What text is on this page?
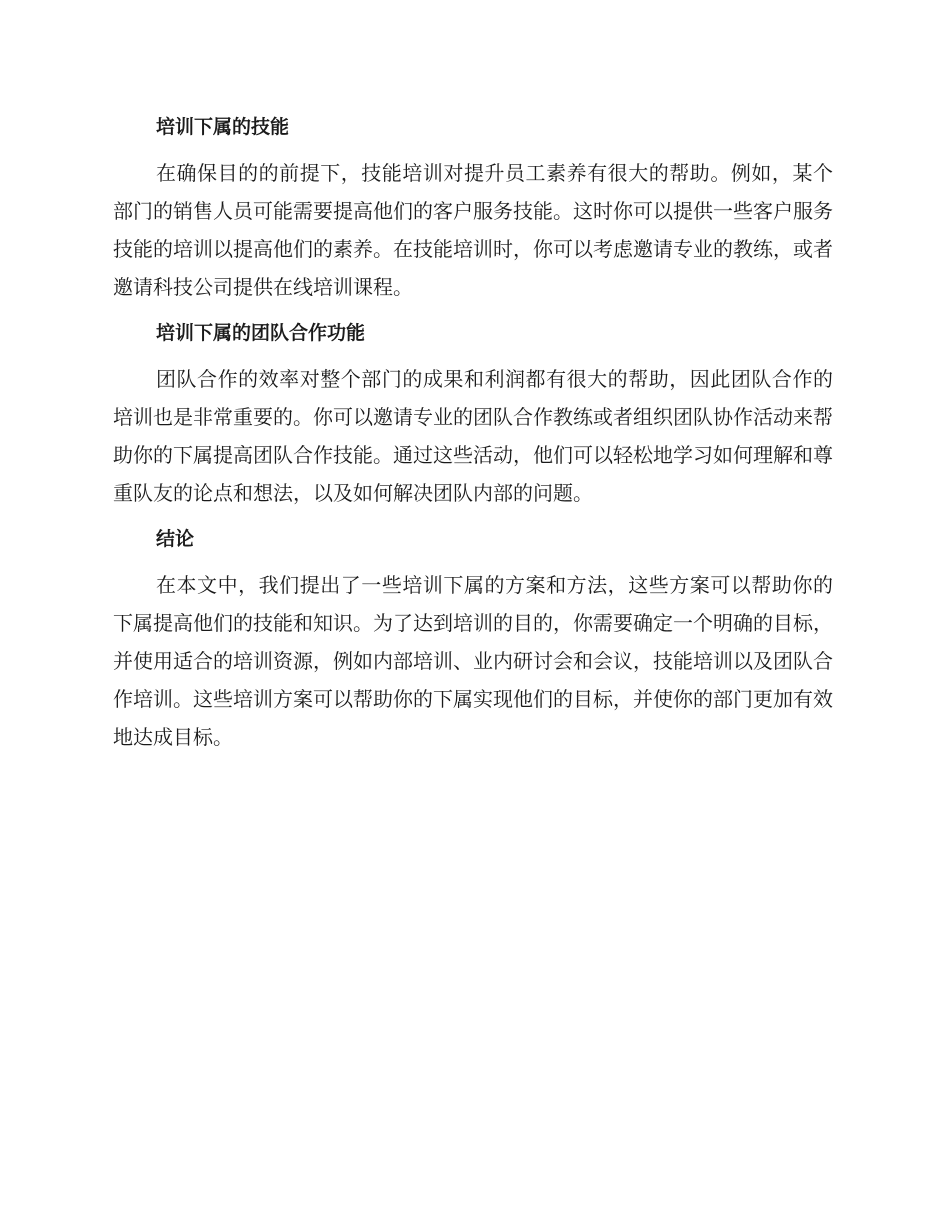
培训下属的技能

在确保目的的前提下，技能培训对提升员工素养有很大的帮助。例如，某个部门的销售人员可能需要提高他们的客户服务技能。这时你可以提供一些客户服务技能的培训以提高他们的素养。在技能培训时，你可以考虑邀请专业的教练，或者邀请科技公司提供在线培训课程。

培训下属的团队合作功能

团队合作的效率对整个部门的成果和利润都有很大的帮助，因此团队合作的培训也是非常重要的。你可以邀请专业的团队合作教练或者组织团队协作活动来帮助你的下属提高团队合作技能。通过这些活动，他们可以轻松地学习如何理解和尊重队友的论点和想法，以及如何解决团队内部的问题。

结论

在本文中，我们提出了一些培训下属的方案和方法，这些方案可以帮助你的下属提高他们的技能和知识。为了达到培训的目的，你需要确定一个明确的目标，并使用适合的培训资源，例如内部培训、业内研讨会和会议，技能培训以及团队合作培训。这些培训方案可以帮助你的下属实现他们的目标，并使你的部门更加有效地达成目标。
